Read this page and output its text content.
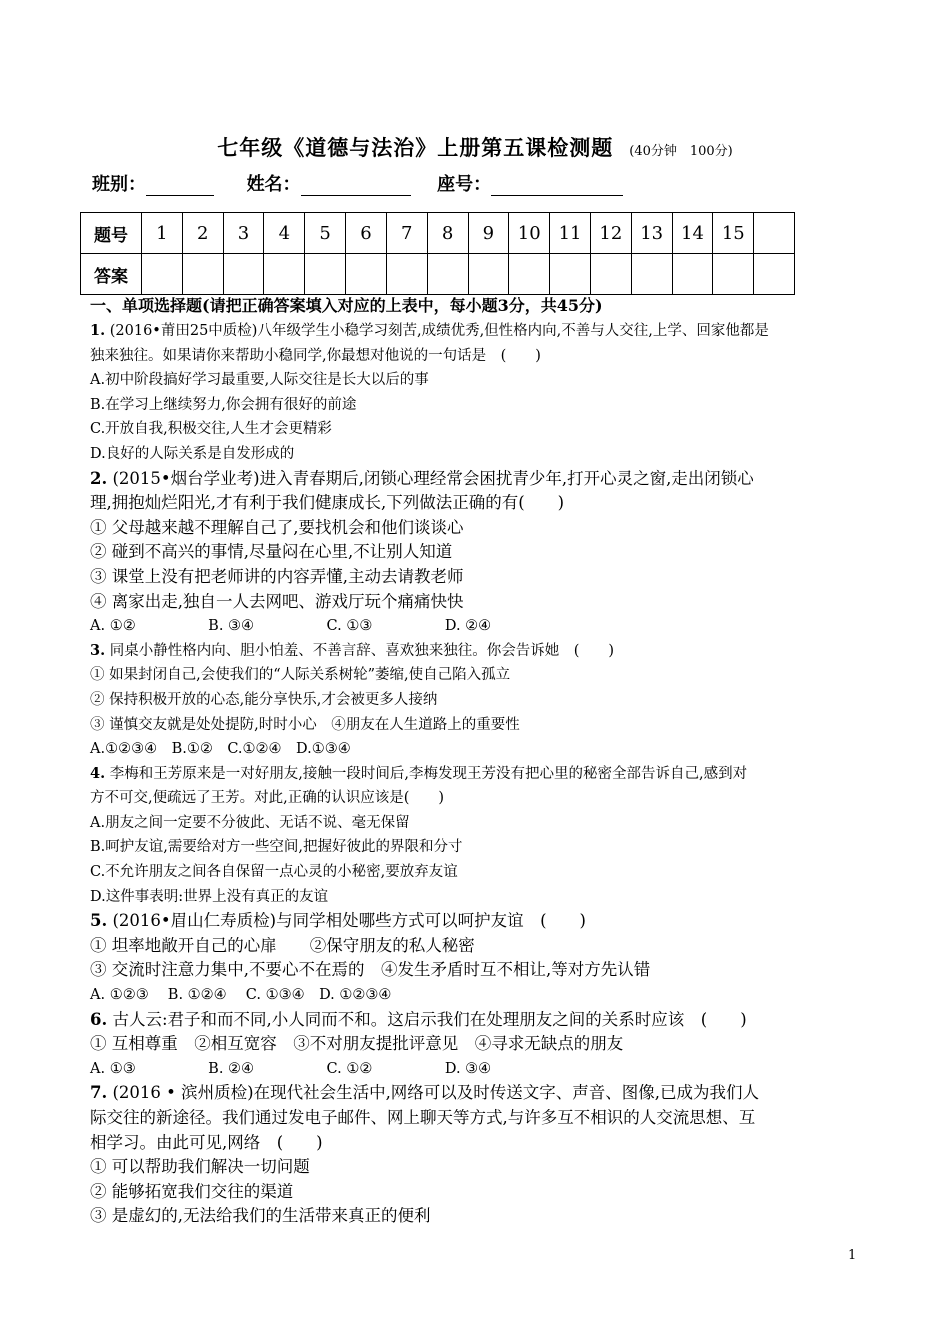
七年级《道德与法治》上册第五课检测题 (40分钟　100分)
班别：	姓名：	座号：
题号	1	2	3	4	5	6	7	8	9	10	11	12	13	14	15	
答案																
一、单项选择题(请把正确答案填入对应的上表中，每小题3分，共45分)
1. (2016•莆田25中质检)八年级学生小稳学习刻苦,成绩优秀,但性格内向,不善与人交往,上学、回家他都是
独来独往。如果请你来帮助小稳同学,你最想对他说的一句话是　(　　)
A.初中阶段搞好学习最重要,人际交往是长大以后的事
B.在学习上继续努力,你会拥有很好的前途
C.开放自我,积极交往,人生才会更精彩
D.良好的人际关系是自发形成的
2. (2015•烟台学业考)进入青春期后,闭锁心理经常会困扰青少年,打开心灵之窗,走出闭锁心
理,拥抱灿烂阳光,才有利于我们健康成长,下列做法正确的有(　　)
① 父母越来越不理解自己了,要找机会和他们谈谈心
② 碰到不高兴的事情,尽量闷在心里,不让别人知道
③ 课堂上没有把老师讲的内容弄懂,主动去请教老师
④ 离家出走,独自一人去网吧、游戏厅玩个痛痛快快
A. ①②　　　　　B. ③④　　　　　C. ①③　　　　　D. ②④
3. 同桌小静性格内向、胆小怕羞、不善言辞、喜欢独来独往。你会告诉她　(　　)
① 如果封闭自己,会使我们的“人际关系树轮”萎缩,使自己陷入孤立
② 保持积极开放的心态,能分享快乐,才会被更多人接纳
③ 谨慎交友就是处处提防,时时小心　④朋友在人生道路上的重要性
A.①②③④　B.①②　C.①②④　D.①③④
4. 李梅和王芳原来是一对好朋友,接触一段时间后,李梅发现王芳没有把心里的秘密全部告诉自己,感到对
方不可交,便疏远了王芳。对此,正确的认识应该是(　　)
A.朋友之间一定要不分彼此、无话不说、毫无保留
B.呵护友谊,需要给对方一些空间,把握好彼此的界限和分寸
C.不允许朋友之间各自保留一点心灵的小秘密,要放弃友谊
D.这件事表明:世界上没有真正的友谊
5. (2016•眉山仁寿质检)与同学相处哪些方式可以呵护友谊　(　　)
① 坦率地敞开自己的心扉　　②保守朋友的私人秘密
③ 交流时注意力集中,不要心不在焉的　④发生矛盾时互不相让,等对方先认错
A. ①②③　 B. ①②④　 C. ①③④　D. ①②③④
6. 古人云:君子和而不同,小人同而不和。这启示我们在处理朋友之间的关系时应该　(　　)
① 互相尊重　②相互宽容　③不对朋友提批评意见　④寻求无缺点的朋友
A. ①③　　　　　B. ②④　　　　　C. ①②　　　　　D. ③④
7. (2016 • 滨州质检)在现代社会生活中,网络可以及时传送文字、声音、图像,已成为我们人
际交往的新途径。我们通过发电子邮件、网上聊天等方式,与许多互不相识的人交流思想、互
相学习。由此可见,网络　(　　)
① 可以帮助我们解决一切问题
② 能够拓宽我们交往的渠道
③ 是虚幻的,无法给我们的生活带来真正的便利
1
